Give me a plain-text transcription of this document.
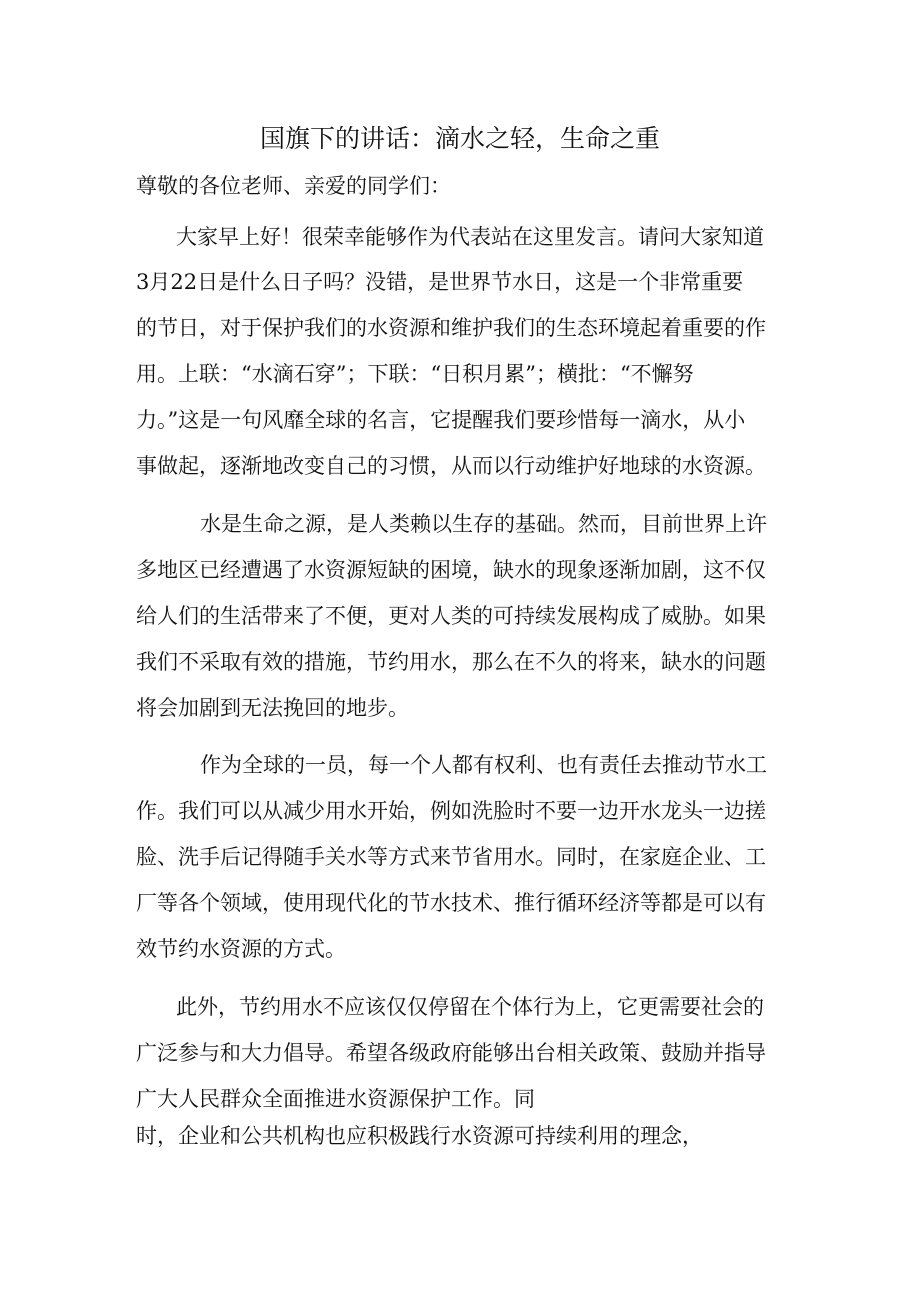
国旗下的讲话：滴水之轻，生命之重
尊敬的各位老师、亲爱的同学们：
大家早上好！很荣幸能够作为代表站在这里发言。请问大家知道
3月22日是什么日子吗？没错，是世界节水日，这是一个非常重要
的节日，对于保护我们的水资源和维护我们的生态环境起着重要的作
用。上联：“水滴石穿”；下联：“日积月累”；横批：“不懈努
力。”这是一句风靡全球的名言，它提醒我们要珍惜每一滴水，从小
事做起，逐渐地改变自己的习惯，从而以行动维护好地球的水资源。
水是生命之源，是人类赖以生存的基础。然而，目前世界上许
多地区已经遭遇了水资源短缺的困境，缺水的现象逐渐加剧，这不仅
给人们的生活带来了不便，更对人类的可持续发展构成了威胁。如果
我们不采取有效的措施，节约用水，那么在不久的将来，缺水的问题
将会加剧到无法挽回的地步。
作为全球的一员，每一个人都有权利、也有责任去推动节水工
作。我们可以从减少用水开始，例如洗脸时不要一边开水龙头一边搓
脸、洗手后记得随手关水等方式来节省用水。同时，在家庭企业、工
厂等各个领域，使用现代化的节水技术、推行循环经济等都是可以有
效节约水资源的方式。
此外，节约用水不应该仅仅停留在个体行为上，它更需要社会的
广泛参与和大力倡导。希望各级政府能够出台相关政策、鼓励并指导
广大人民群众全面推进水资源保护工作。同
时，企业和公共机构也应积极践行水资源可持续利用的理念，
